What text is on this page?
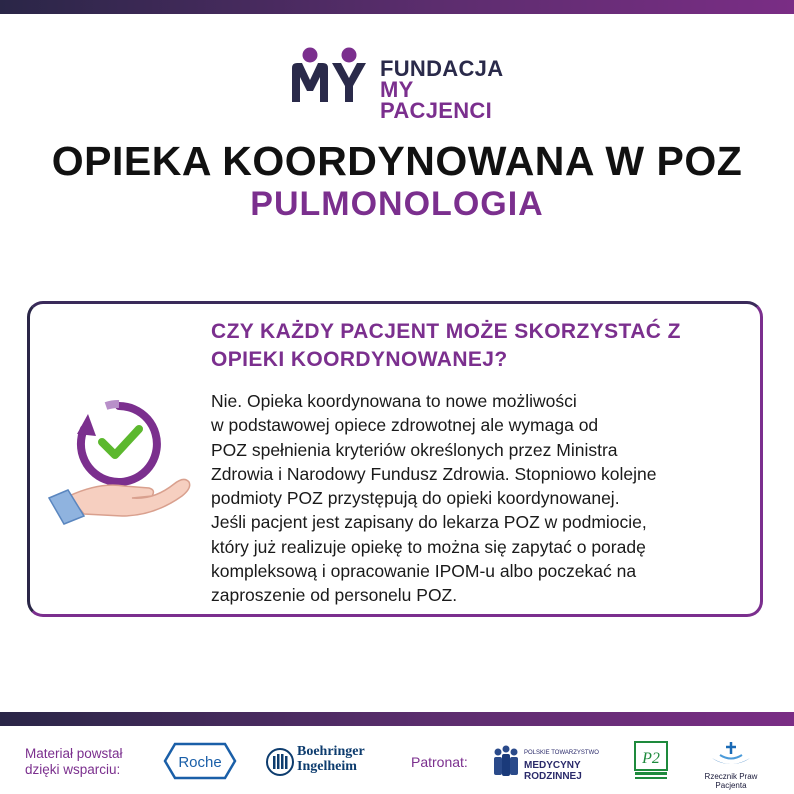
FUNDACJA
MY PACJENCI
OPIEKA KOORDYNOWANA W POZ
PULMONOLOGIA
CZY KAŻDY PACJENT MOŻE SKORZYSTAĆ Z OPIEKI KOORDYNOWANEJ?
Nie. Opieka koordynowana to nowe możliwości
w podstawowej opiece zdrowotnej ale wymaga od
POZ spełnienia kryteriów określonych przez Ministra
Zdrowia i Narodowy Fundusz Zdrowia. Stopniowo kolejne
podmioty POZ przystępują do opieki koordynowanej.
Jeśli pacjent jest zapisany do lekarza POZ w podmiocie,
który już realizuje opiekę to można się zapytać o poradę
kompleksową i opracowanie IPOM-u albo poczekać na
zaproszenie od personelu POZ.
Materiał powstał
dzięki wsparciu:	Roche
Boehringer
Ingelheim	Patronat:
POLSKIE TOWARZYSTWO
MEDYCYNY RODZINNEJ
P2
Rzecznik Praw Pacjenta
